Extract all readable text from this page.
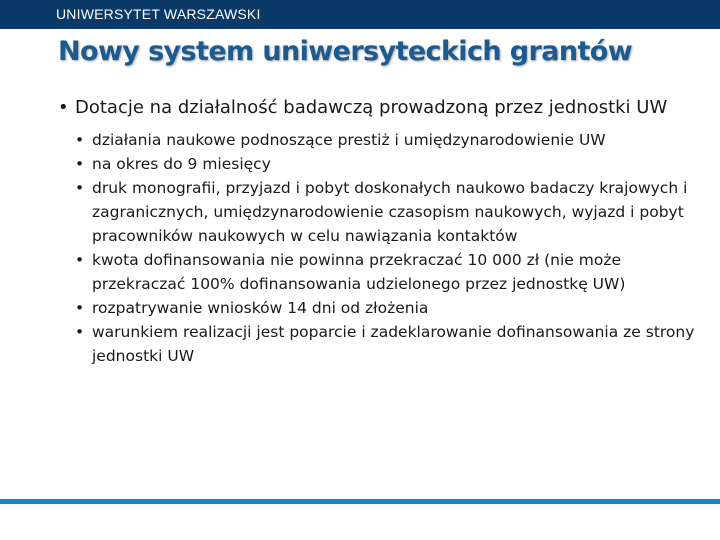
UNIWERSYTET WARSZAWSKI
Nowy system uniwersyteckich grantów
• Dotacje na działalność badawczą prowadzoną przez jednostki UW
• działania naukowe podnoszące prestiż i umiędzynarodowienie UW
• na okres do 9 miesięcy
• druk monografii, przyjazd i pobyt doskonałych naukowo badaczy krajowych i zagranicznych, umiędzynarodowienie czasopism naukowych, wyjazd i pobyt pracowników naukowych w celu nawiązania kontaktów
• kwota dofinansowania nie powinna przekraczać 10 000 zł (nie może przekraczać 100% dofinansowania udzielonego przez jednostkę UW)
• rozpatrywanie wniosków 14 dni od złożenia
• warunkiem realizacji jest poparcie i zadeklarowanie dofinansowania ze strony jednostki UW
